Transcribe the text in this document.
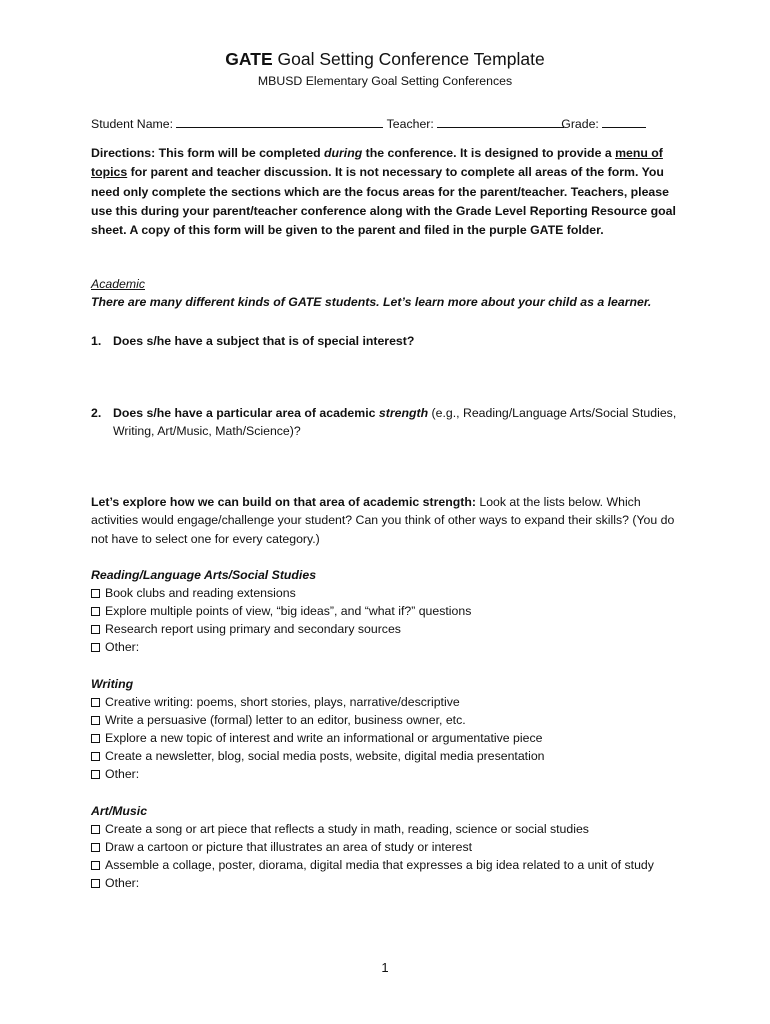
GATE Goal Setting Conference Template
MBUSD Elementary Goal Setting Conferences
Student Name:	Teacher:	Grade:
Directions: This form will be completed during the conference. It is designed to provide a menu of topics for parent and teacher discussion. It is not necessary to complete all areas of the form. You need only complete the sections which are the focus areas for the parent/teacher. Teachers, please use this during your parent/teacher conference along with the Grade Level Reporting Resource goal sheet. A copy of this form will be given to the parent and filed in the purple GATE folder.
Academic
There are many different kinds of GATE students. Let’s learn more about your child as a learner.
1. Does s/he have a subject that is of special interest?
2. Does s/he have a particular area of academic strength (e.g., Reading/Language Arts/Social Studies, Writing, Art/Music, Math/Science)?
Let’s explore how we can build on that area of academic strength: Look at the lists below. Which activities would engage/challenge your student? Can you think of other ways to expand their skills? (You do not have to select one for every category.)
Reading/Language Arts/Social Studies
Book clubs and reading extensions
Explore multiple points of view, “big ideas”, and “what if?” questions
Research report using primary and secondary sources
Other:
Writing
Creative writing: poems, short stories, plays, narrative/descriptive
Write a persuasive (formal) letter to an editor, business owner, etc.
Explore a new topic of interest and write an informational or argumentative piece
Create a newsletter, blog, social media posts, website, digital media presentation
Other:
Art/Music
Create a song or art piece that reflects a study in math, reading, science or social studies
Draw a cartoon or picture that illustrates an area of study or interest
Assemble a collage, poster, diorama, digital media that expresses a big idea related to a unit of study
Other:
1
